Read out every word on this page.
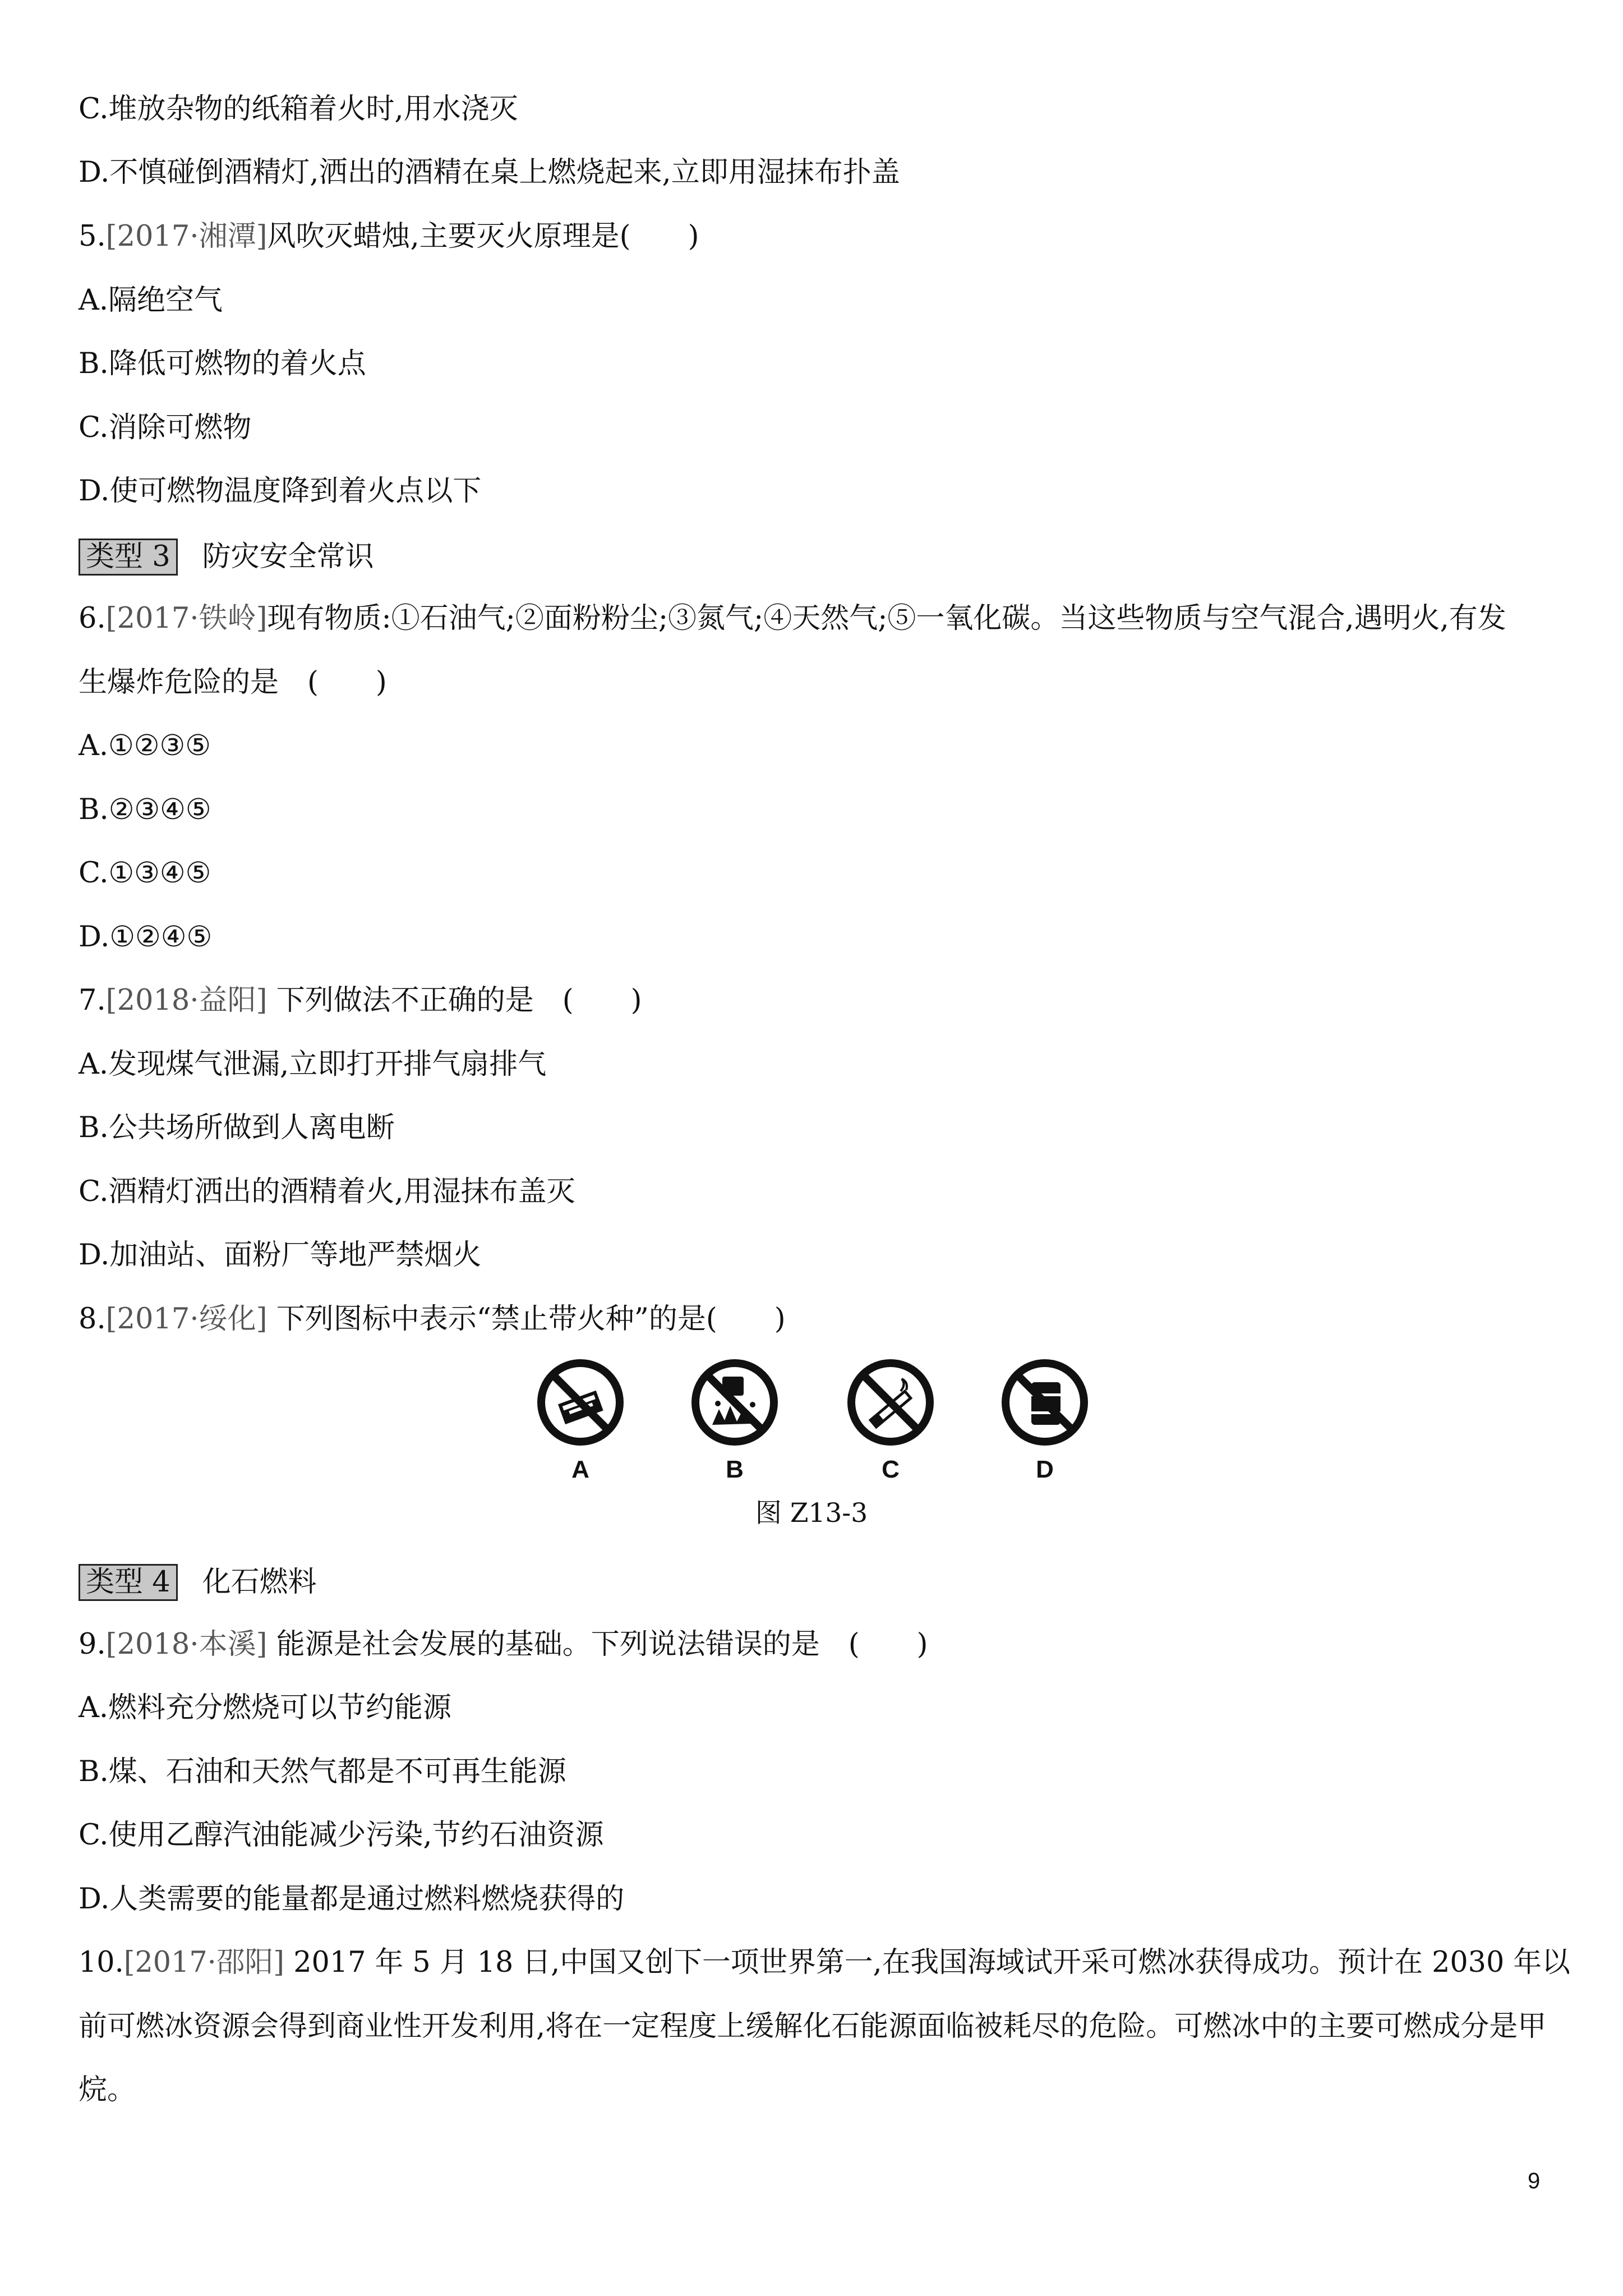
C.堆放杂物的纸箱着火时,用水浇灭
D.不慎碰倒酒精灯,洒出的酒精在桌上燃烧起来,立即用湿抹布扑盖
5.[2017·湘潭]风吹灭蜡烛,主要灭火原理是(　　)
A.隔绝空气
B.降低可燃物的着火点
C.消除可燃物
D.使可燃物温度降到着火点以下
类型 3 防灾安全常识
6.[2017·铁岭]现有物质:①石油气;②面粉粉尘;③氮气;④天然气;⑤一氧化碳。当这些物质与空气混合,遇明火,有发
生爆炸危险的是　(　　)
A.①②③⑤
B.②③④⑤
C.①③④⑤
D.①②④⑤
7.[2018·益阳] 下列做法不正确的是　(　　)
A.发现煤气泄漏,立即打开排气扇排气
B.公共场所做到人离电断
C.酒精灯洒出的酒精着火,用湿抹布盖灭
D.加油站、面粉厂等地严禁烟火
8.[2017·绥化] 下列图标中表示“禁止带火种”的是(　　)
A	B	C	D
图 Z13-3
类型 4 化石燃料
9.[2018·本溪] 能源是社会发展的基础。下列说法错误的是　(　　)
A.燃料充分燃烧可以节约能源
B.煤、石油和天然气都是不可再生能源
C.使用乙醇汽油能减少污染,节约石油资源
D.人类需要的能量都是通过燃料燃烧获得的
10.[2017·邵阳] 2017 年 5 月 18 日,中国又创下一项世界第一,在我国海域试开采可燃冰获得成功。预计在 2030 年以
前可燃冰资源会得到商业性开发利用,将在一定程度上缓解化石能源面临被耗尽的危险。可燃冰中的主要可燃成分是甲
烷。
9
